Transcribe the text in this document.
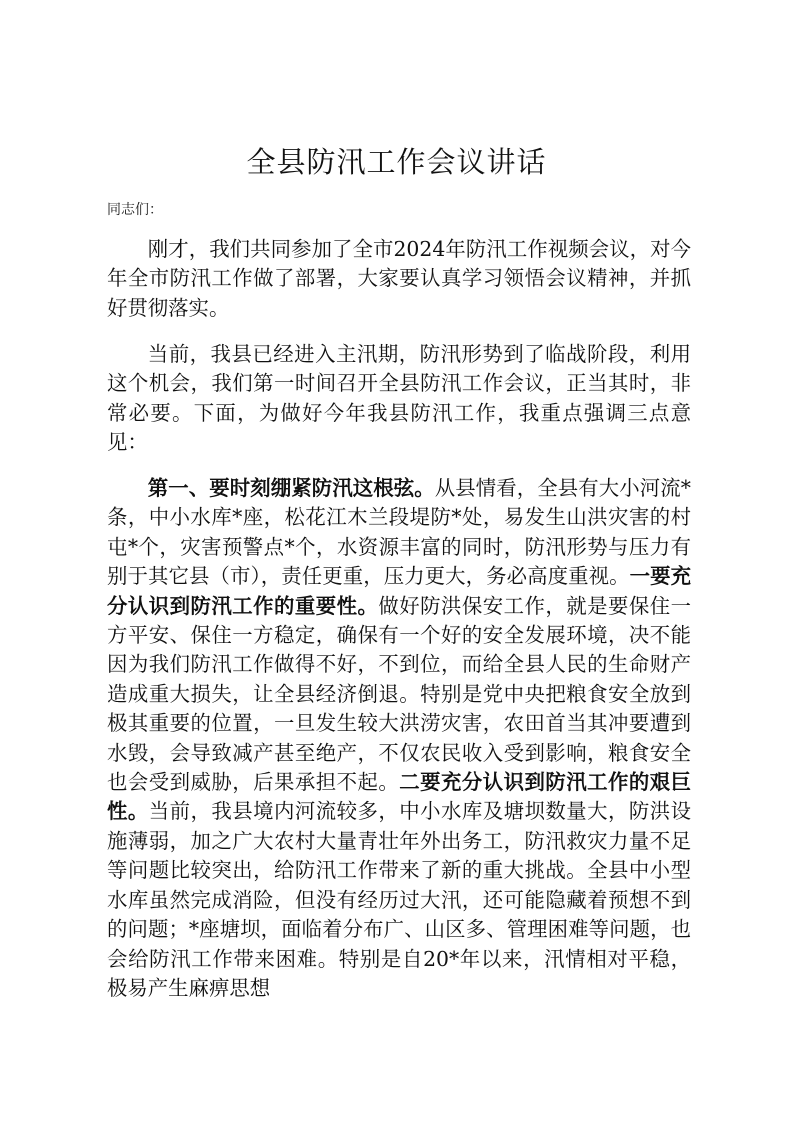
全县防汛工作会议讲话
同志们：
刚才，我们共同参加了全市2024年防汛工作视频会议，对今年全市防汛工作做了部署，大家要认真学习领悟会议精神，并抓好贯彻落实。
当前，我县已经进入主汛期，防汛形势到了临战阶段，利用这个机会，我们第一时间召开全县防汛工作会议，正当其时，非常必要。下面，为做好今年我县防汛工作，我重点强调三点意见：
第一、要时刻绷紧防汛这根弦。从县情看，全县有大小河流*条，中小水库*座，松花江木兰段堤防*处，易发生山洪灾害的村屯*个，灾害预警点*个，水资源丰富的同时，防汛形势与压力有别于其它县（市），责任更重，压力更大，务必高度重视。一要充分认识到防汛工作的重要性。做好防洪保安工作，就是要保住一方平安、保住一方稳定，确保有一个好的安全发展环境，决不能因为我们防汛工作做得不好，不到位，而给全县人民的生命财产造成重大损失，让全县经济倒退。特别是党中央把粮食安全放到极其重要的位置，一旦发生较大洪涝灾害，农田首当其冲要遭到水毁，会导致减产甚至绝产，不仅农民收入受到影响，粮食安全也会受到威胁，后果承担不起。二要充分认识到防汛工作的艰巨性。当前，我县境内河流较多，中小水库及塘坝数量大，防洪设施薄弱，加之广大农村大量青壮年外出务工，防汛救灾力量不足等问题比较突出，给防汛工作带来了新的重大挑战。全县中小型水库虽然完成消险，但没有经历过大汛，还可能隐藏着预想不到的问题；*座塘坝，面临着分布广、山区多、管理困难等问题，也会给防汛工作带来困难。特别是自20*年以来，汛情相对平稳，极易产生麻痹思想
